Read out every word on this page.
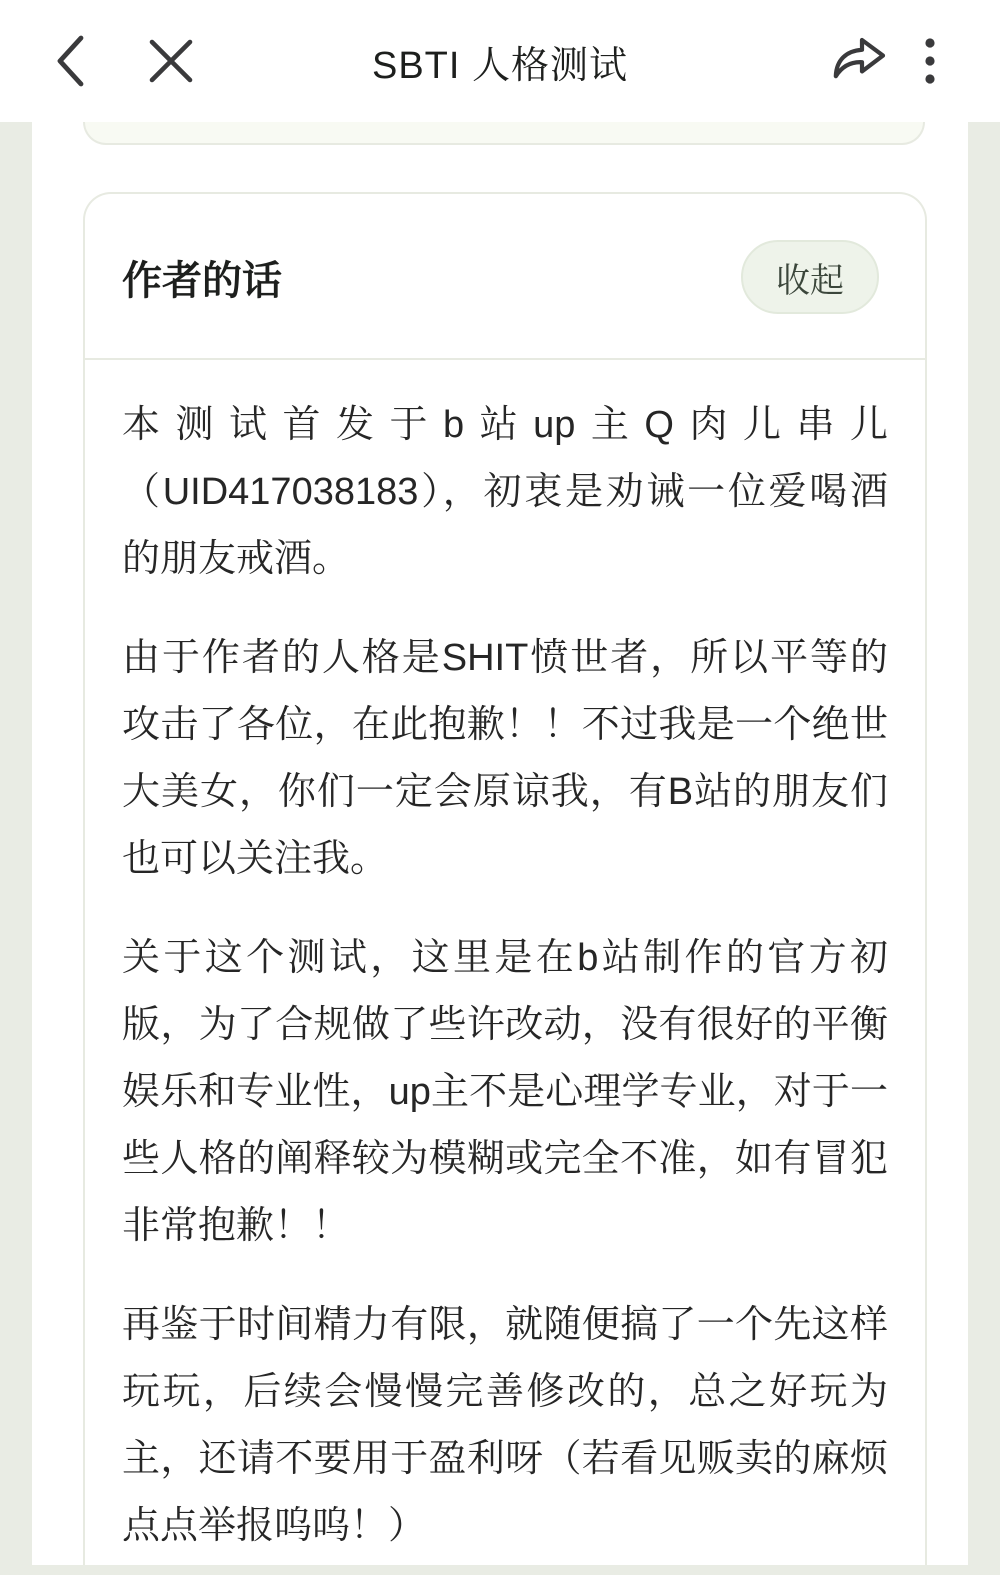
SBTI 人格测试
作者的话	收起

本测试首发于b站up主Q肉儿串儿（UID417038183），初衷是劝诫一位爱喝酒的朋友戒酒。

由于作者的人格是SHIT愤世者，所以平等的攻击了各位，在此抱歉！！不过我是一个绝世大美女，你们一定会原谅我，有B站的朋友们也可以关注我。

关于这个测试，这里是在b站制作的官方初版，为了合规做了些许改动，没有很好的平衡娱乐和专业性，up主不是心理学专业，对于一些人格的阐释较为模糊或完全不准，如有冒犯非常抱歉！！

再鉴于时间精力有限，就随便搞了一个先这样玩玩，后续会慢慢完善修改的，总之好玩为主，还请不要用于盈利呀（若看见贩卖的麻烦点点举报呜呜！）
